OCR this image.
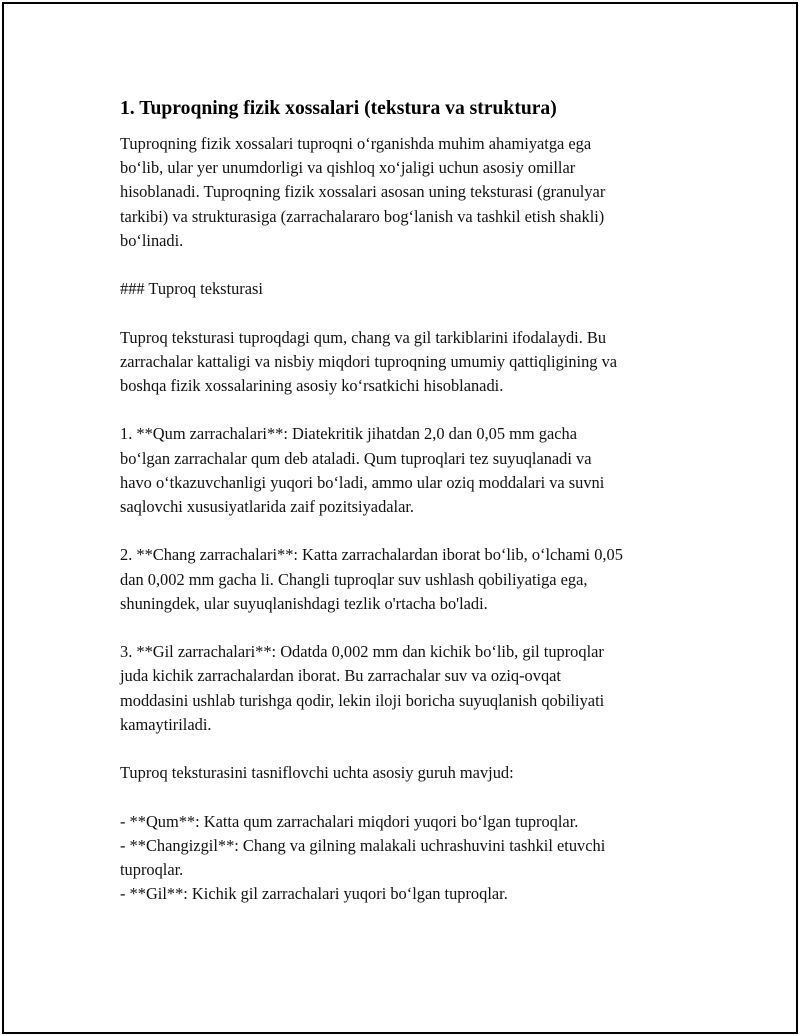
1. Tuproqning fizik xossalari (tekstura va struktura)
Tuproqning fizik xossalari tuproqni o‘rganishda muhim ahamiyatga ega
bo‘lib, ular yer unumdorligi va qishloq xo‘jaligi uchun asosiy omillar
hisoblanadi. Tuproqning fizik xossalari asosan uning teksturasi (granulyar
tarkibi) va strukturasiga (zarrachalararo bog‘lanish va tashkil etish shakli)
bo‘linadi.
### Tuproq teksturasi
Tuproq teksturasi tuproqdagi qum, chang va gil tarkiblarini ifodalaydi. Bu
zarrachalar kattaligi va nisbiy miqdori tuproqning umumiy qattiqligining va
boshqa fizik xossalarining asosiy ko‘rsatkichi hisoblanadi.
1. **Qum zarrachalari**: Diatekritik jihatdan 2,0 dan 0,05 mm gacha
bo‘lgan zarrachalar qum deb ataladi. Qum tuproqlari tez suyuqlanadi va
havo o‘tkazuvchanligi yuqori bo‘ladi, ammo ular oziq moddalari va suvni
saqlovchi xususiyatlarida zaif pozitsiyadalar.
2. **Chang zarrachalari**: Katta zarrachalardan iborat bo‘lib, o‘lchami 0,05
dan 0,002 mm gacha li. Changli tuproqlar suv ushlash qobiliyatiga ega,
shuningdek, ular suyuqlanishdagi tezlik o'rtacha bo'ladi.
3. **Gil zarrachalari**: Odatda 0,002 mm dan kichik bo‘lib, gil tuproqlar
juda kichik zarrachalardan iborat. Bu zarrachalar suv va oziq-ovqat
moddasini ushlab turishga qodir, lekin iloji boricha suyuqlanish qobiliyati
kamaytiriladi.
Tuproq teksturasini tasniflovchi uchta asosiy guruh mavjud:
- **Qum**: Katta qum zarrachalari miqdori yuqori bo‘lgan tuproqlar.
- **Changizgil**: Chang va gilning malakali uchrashuvini tashkil etuvchi
tuproqlar.
- **Gil**: Kichik gil zarrachalari yuqori bo‘lgan tuproqlar.
